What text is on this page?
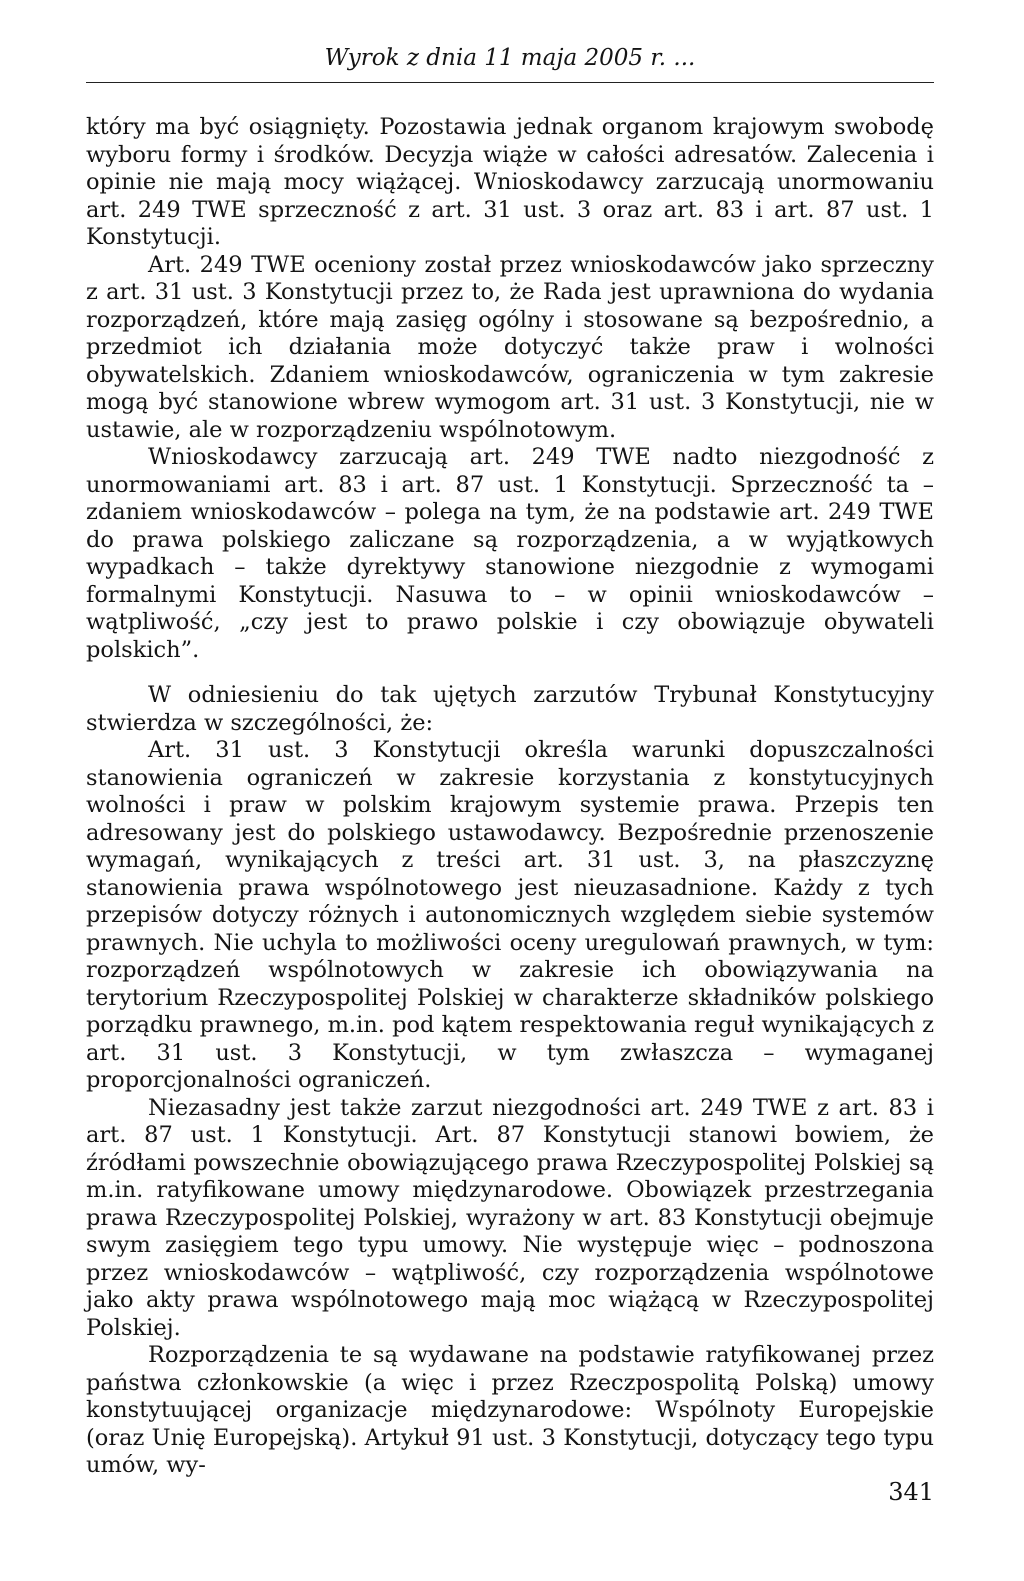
Wyrok z dnia 11 maja 2005 r. ...

który ma być osiągnięty. Pozostawia jednak organom krajowym swobodę wyboru formy i środków. Decyzja wiąże w całości adresatów. Zalecenia i opinie nie mają mocy wiążącej. Wnioskodawcy zarzucają unormowaniu art. 249 TWE sprzeczność z art. 31 ust. 3 oraz art. 83 i art. 87 ust. 1 Konstytucji.

Art. 249 TWE oceniony został przez wnioskodawców jako sprzeczny z art. 31 ust. 3 Konstytucji przez to, że Rada jest uprawniona do wydania rozporządzeń, które mają zasięg ogólny i stosowane są bezpośrednio, a przedmiot ich działania może dotyczyć także praw i wolności obywatelskich. Zdaniem wnioskodawców, ograniczenia w tym zakresie mogą być stanowione wbrew wymogom art. 31 ust. 3 Konstytucji, nie w ustawie, ale w rozporządzeniu wspólnotowym.

Wnioskodawcy zarzucają art. 249 TWE nadto niezgodność z unormowaniami art. 83 i art. 87 ust. 1 Konstytucji. Sprzeczność ta – zdaniem wnioskodawców – polega na tym, że na podstawie art. 249 TWE do prawa polskiego zaliczane są rozporządzenia, a w wyjątkowych wypadkach – także dyrektywy stanowione niezgodnie z wymogami formalnymi Konstytucji. Nasuwa to – w opinii wnioskodawców – wątpliwość, „czy jest to prawo polskie i czy obowiązuje obywateli polskich”.

W odniesieniu do tak ujętych zarzutów Trybunał Konstytucyjny stwierdza w szczególności, że:

Art. 31 ust. 3 Konstytucji określa warunki dopuszczalności stanowienia ograniczeń w zakresie korzystania z konstytucyjnych wolności i praw w polskim krajowym systemie prawa. Przepis ten adresowany jest do polskiego ustawodawcy. Bezpośrednie przenoszenie wymagań, wynikających z treści art. 31 ust. 3, na płaszczyznę stanowienia prawa wspólnotowego jest nieuzasadnione. Każdy z tych przepisów dotyczy różnych i autonomicznych względem siebie systemów prawnych. Nie uchyla to możliwości oceny uregulowań prawnych, w tym: rozporządzeń wspólnotowych w zakresie ich obowiązywania na terytorium Rzeczypospolitej Polskiej w charakterze składników polskiego porządku prawnego, m.in. pod kątem respektowania reguł wynikających z art. 31 ust. 3 Konstytucji, w tym zwłaszcza – wymaganej proporcjonalności ograniczeń.

Niezasadny jest także zarzut niezgodności art. 249 TWE z art. 83 i art. 87 ust. 1 Konstytucji. Art. 87 Konstytucji stanowi bowiem, że źródłami powszechnie obowiązującego prawa Rzeczypospolitej Polskiej są m.in. ratyfikowane umowy międzynarodowe. Obowiązek przestrzegania prawa Rzeczypospolitej Polskiej, wyrażony w art. 83 Konstytucji obejmuje swym zasięgiem tego typu umowy. Nie występuje więc – podnoszona przez wnioskodawców – wątpliwość, czy rozporządzenia wspólnotowe jako akty prawa wspólnotowego mają moc wiążącą w Rzeczypospolitej Polskiej.

Rozporządzenia te są wydawane na podstawie ratyfikowanej przez państwa członkowskie (a więc i przez Rzeczpospolitą Polską) umowy konstytuującej organizacje międzynarodowe: Wspólnoty Europejskie (oraz Unię Europejską). Artykuł 91 ust. 3 Konstytucji, dotyczący tego typu umów, wy-

341
